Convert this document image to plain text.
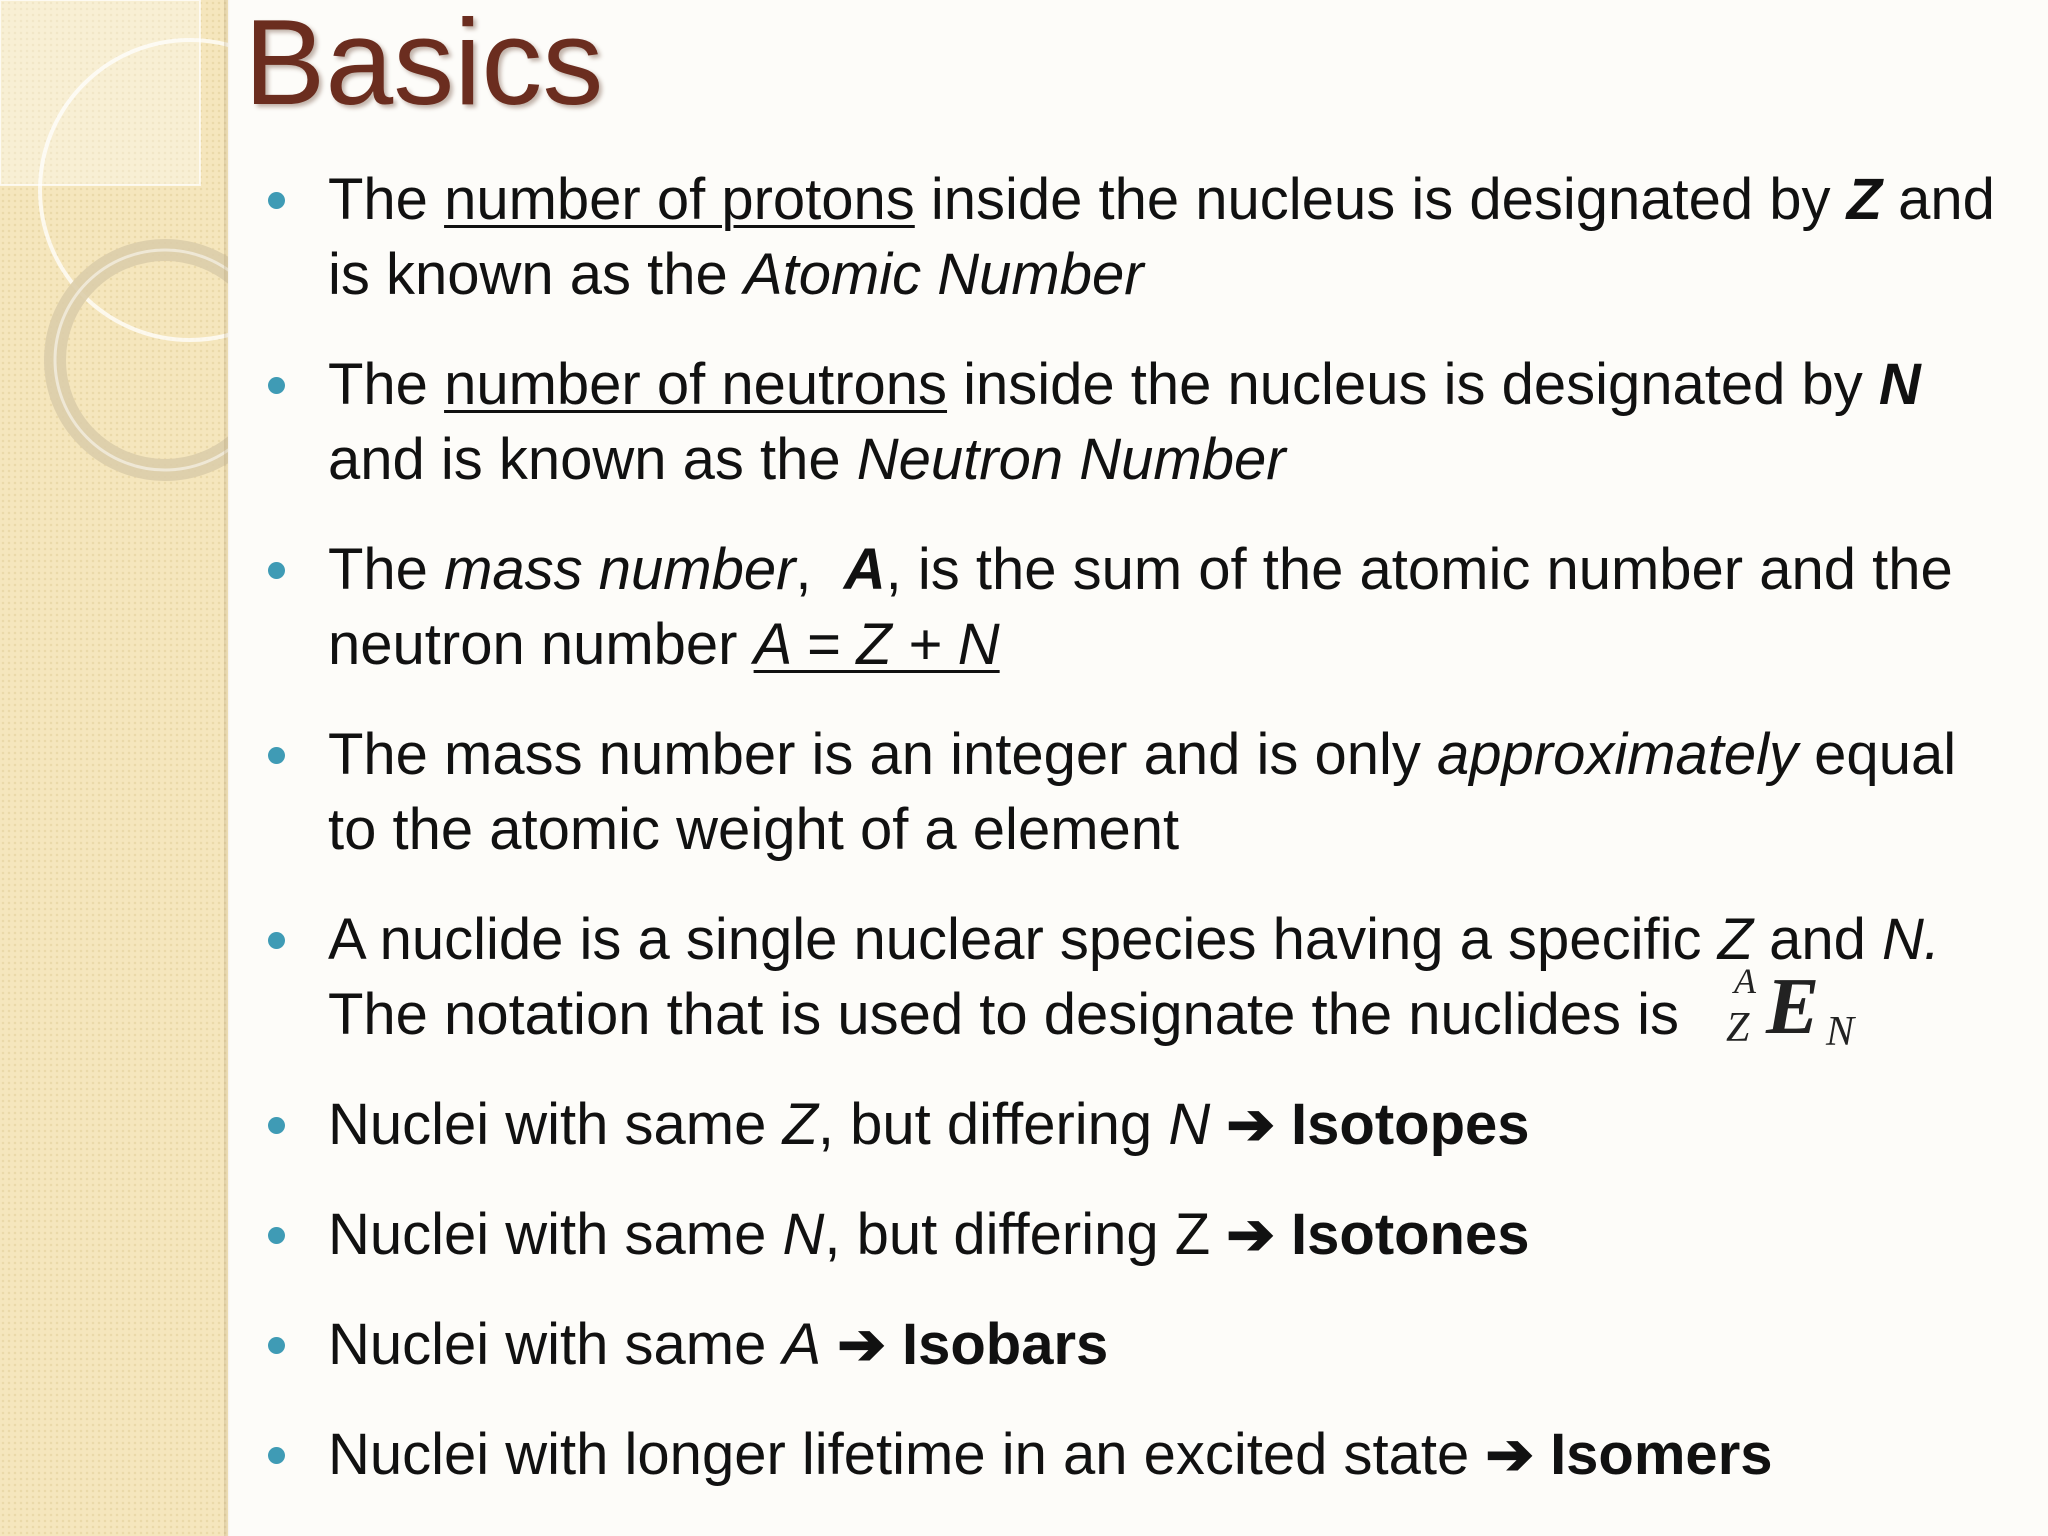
Basics
The number of protons inside the nucleus is designated by Z and is known as the Atomic Number
The number of neutrons inside the nucleus is designated by N and is known as the Neutron Number
The mass number,  A, is the sum of the atomic number and the neutron number A = Z + N
The mass number is an integer and is only approximately equal to the atomic weight of a element
A nuclide is a single nuclear species having a specific Z and N. The notation that is used to designate the nuclides is
Nuclei with same Z, but differing N ➔ Isotopes
Nuclei with same N, but differing Z ➔ Isotones
Nuclei with same A ➔ Isobars
Nuclei with longer lifetime in an excited state ➔ Isomers
A
Z E N
